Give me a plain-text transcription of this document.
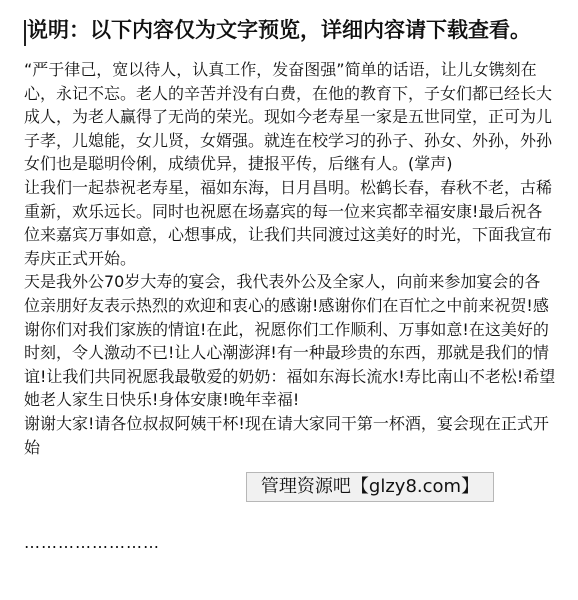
说明：以下内容仅为文字预览，详细内容请下载查看。

“严于律己，宽以待人，认真工作，发奋图强”简单的话语，让儿女镌刻在心，永记不忘。老人的辛苦并没有白费，在他的教育下，子女们都已经长大成人，为老人赢得了无尚的荣光。现如今老寿星一家是五世同堂，正可为儿子孝，儿媳能，女儿贤，女婿强。就连在校学习的孙子、孙女、外孙，外孙女们也是聪明伶俐，成绩优异，捷报平传，后继有人。(掌声)

让我们一起恭祝老寿星，福如东海，日月昌明。松鹤长春，春秋不老，古稀重新，欢乐远长。同时也祝愿在场嘉宾的每一位来宾都幸福安康!最后祝各位来嘉宾万事如意，心想事成，让我们共同渡过这美好的时光，下面我宣布寿庆正式开始。

天是我外公70岁大寿的宴会，我代表外公及全家人，向前来参加宴会的各位亲朋好友表示热烈的欢迎和衷心的感谢!感谢你们在百忙之中前来祝贺!感谢你们对我们家族的情谊!在此，祝愿你们工作顺利、万事如意!在这美好的时刻，令人激动不已!让人心潮澎湃!有一种最珍贵的东西，那就是我们的情谊!让我们共同祝愿我最敬爱的奶奶：福如东海长流水!寿比南山不老松!希望她老人家生日快乐!身体安康!晚年幸福!

谢谢大家!请各位叔叔阿姨干杯!现在请大家同干第一杯酒，宴会现在正式开始

……………………
管理资源吧【glzy8.com】
